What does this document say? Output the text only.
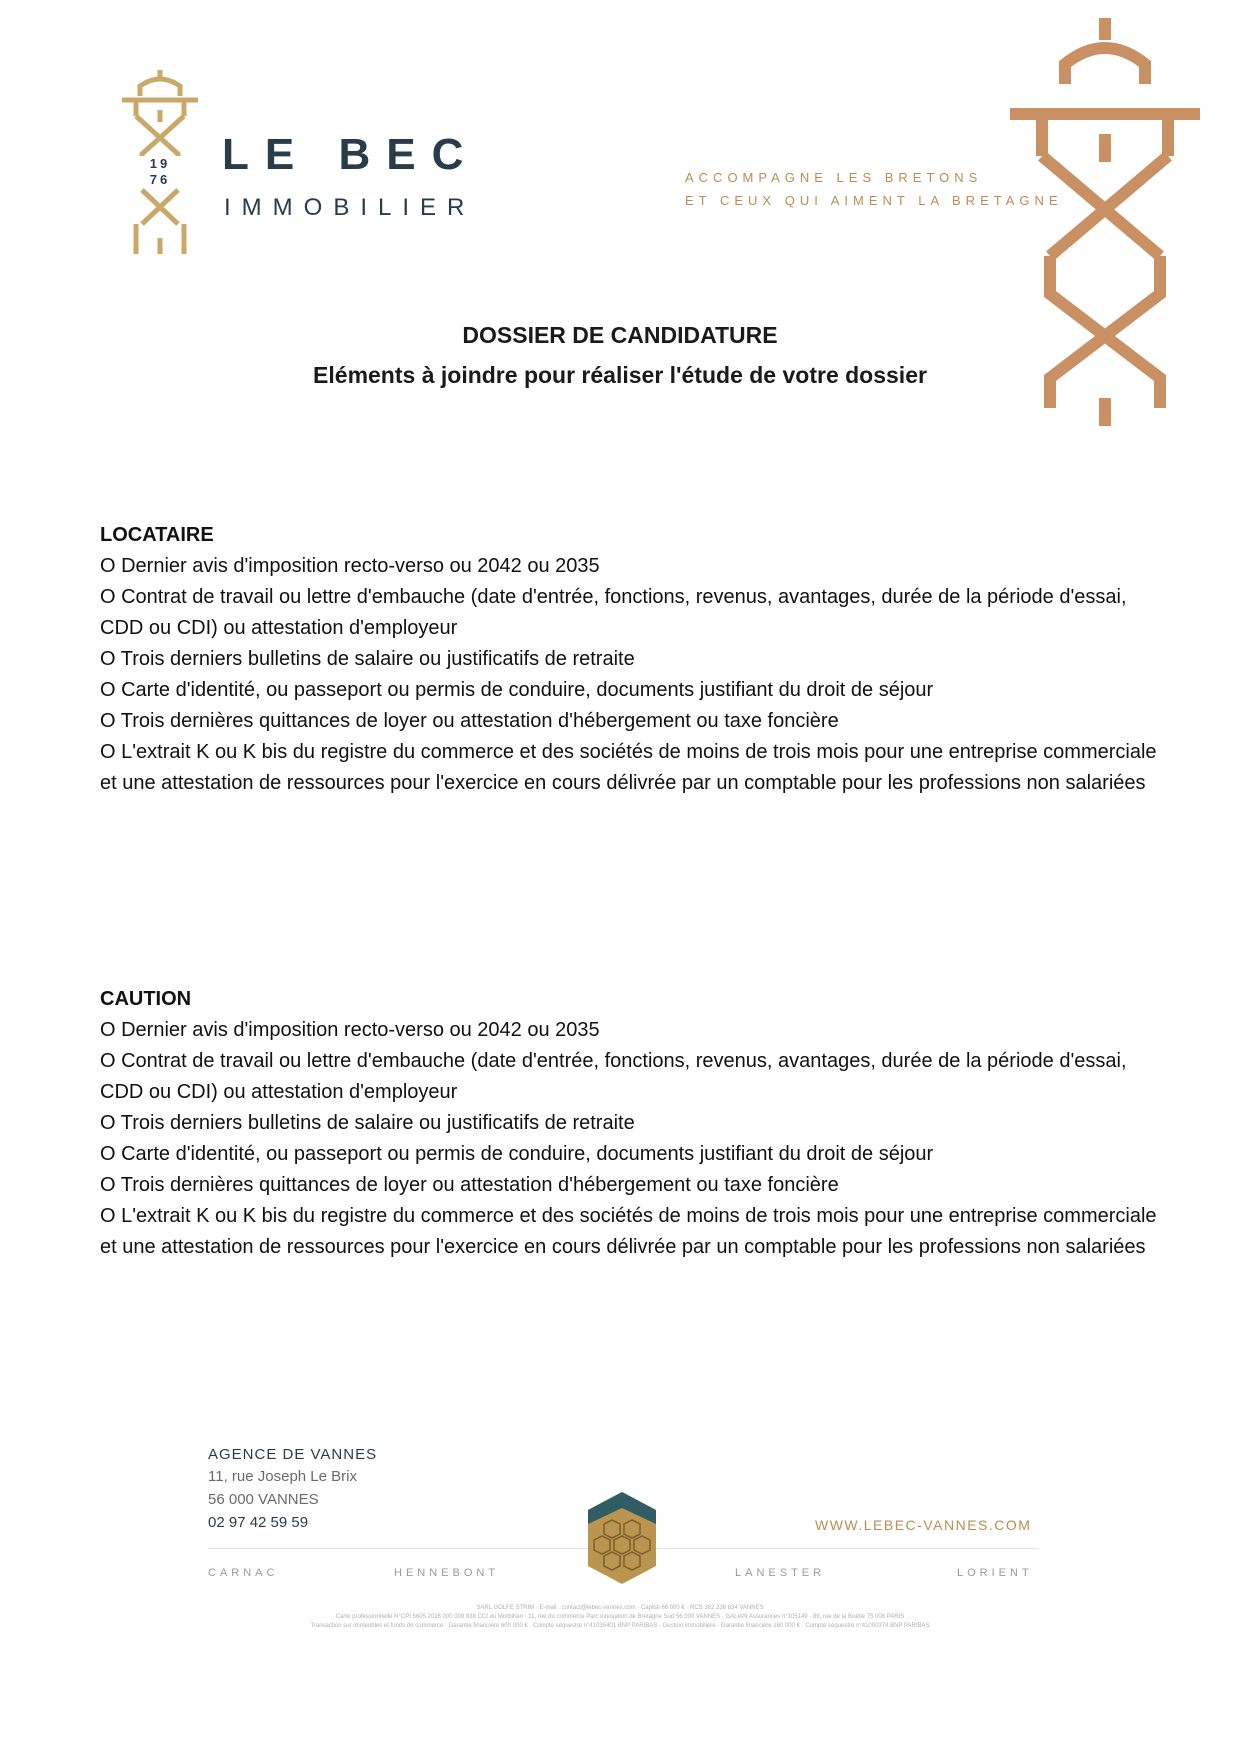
19
76
LE BEC
IMMOBILIER
ACCOMPAGNE LES BRETONS
ET CEUX QUI AIMENT LA BRETAGNE
DOSSIER DE CANDIDATURE
Eléments à joindre pour réaliser l'étude de votre dossier
LOCATAIRE

O Dernier avis d'imposition recto-verso ou 2042 ou 2035

O Contrat de travail ou lettre d'embauche (date d'entrée, fonctions, revenus, avantages, durée de la période d'essai, CDD ou CDI) ou attestation d'employeur

O Trois derniers bulletins de salaire ou justificatifs de retraite

O Carte d'identité, ou passeport ou permis de conduire, documents justifiant du droit de séjour

O Trois dernières quittances de loyer ou attestation d'hébergement ou taxe foncière

O L'extrait K ou K bis du registre du commerce et des sociétés de moins de trois mois pour une entreprise commerciale et une attestation de ressources pour l'exercice en cours délivrée par un comptable pour les professions non salariées

CAUTION

O Dernier avis d'imposition recto-verso ou 2042 ou 2035

O Contrat de travail ou lettre d'embauche (date d'entrée, fonctions, revenus, avantages, durée de la période d'essai, CDD ou CDI) ou attestation d'employeur

O Trois derniers bulletins de salaire ou justificatifs de retraite

O Carte d'identité, ou passeport ou permis de conduire, documents justifiant du droit de séjour

O Trois dernières quittances de loyer ou attestation d'hébergement ou taxe foncière

O L'extrait K ou K bis du registre du commerce et des sociétés de moins de trois mois pour une entreprise commerciale et une attestation de ressources pour l'exercice en cours délivrée par un comptable pour les professions non salariées

AGENCE DE VANNES
11, rue Joseph Le Brix
56 000 VANNES
02 97 42 59 59	WWW.LEBEC-VANNES.COM
CARNAC	HENNEBONT	LANESTER	LORIENT
SARL GOLFE STRIM · E-mail : contact@lebec-vannes.com · Capital 66 000 € · RCS 382 236 834 VANNES
Carte professionnelle N°CPI 5605 2016 000 009 838 CCI du Morbihan · 11, rue du commerce Parc innovation de Bretagne Sud 56 000 VANNES · GALIAN Assurances n°105149 · 89, rue de la Boétie 75 008 PARIS
Transaction sur immeubles et fonds de commerce · Garantie financière 600 000 € · Compte séquestre n°41035401 BNP PARIBAS · Gestion immobilière · Garantie financière 160 000 € · Compte séquestre n°41000374 BNP PARIBAS
